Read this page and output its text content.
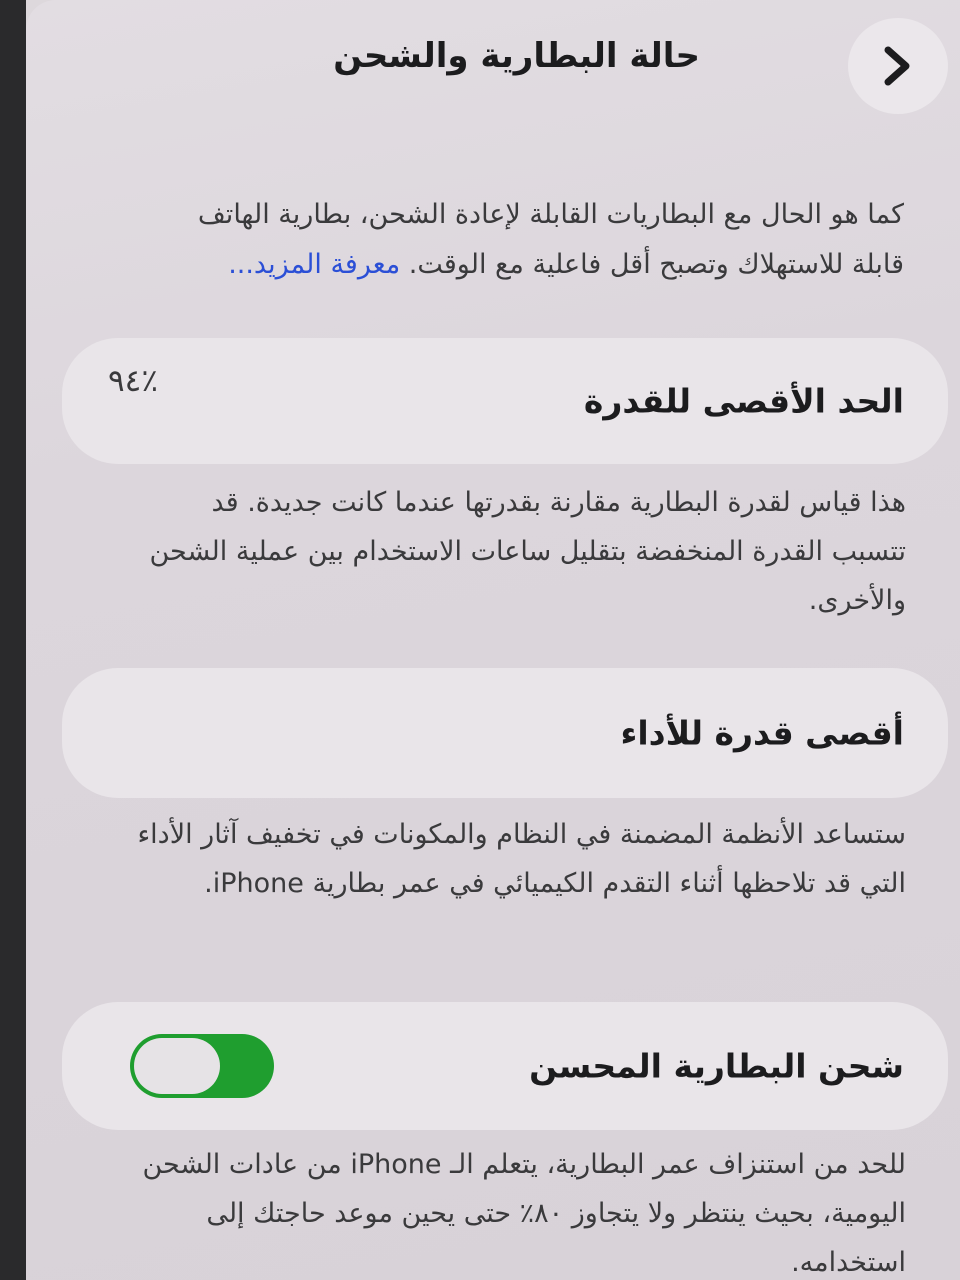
حالة البطارية والشحن
كما هو الحال مع البطاريات القابلة لإعادة الشحن، بطارية الهاتف قابلة للاستهلاك وتصبح أقل فاعلية مع الوقت. معرفة المزيد...
الحد الأقصى للقدرة
٪٩٤
هذا قياس لقدرة البطارية مقارنة بقدرتها عندما كانت جديدة. قد تتسبب القدرة المنخفضة بتقليل ساعات الاستخدام بين عملية الشحن والأخرى.
أقصى قدرة للأداء
ستساعد الأنظمة المضمنة في النظام والمكونات في تخفيف آثار الأداء التي قد تلاحظها أثناء التقدم الكيميائي في عمر بطارية iPhone.
شحن البطارية المحسن
للحد من استنزاف عمر البطارية، يتعلم الـ iPhone من عادات الشحن اليومية، بحيث ينتظر ولا يتجاوز ٨٠٪ حتى يحين موعد حاجتك إلى استخدامه.
